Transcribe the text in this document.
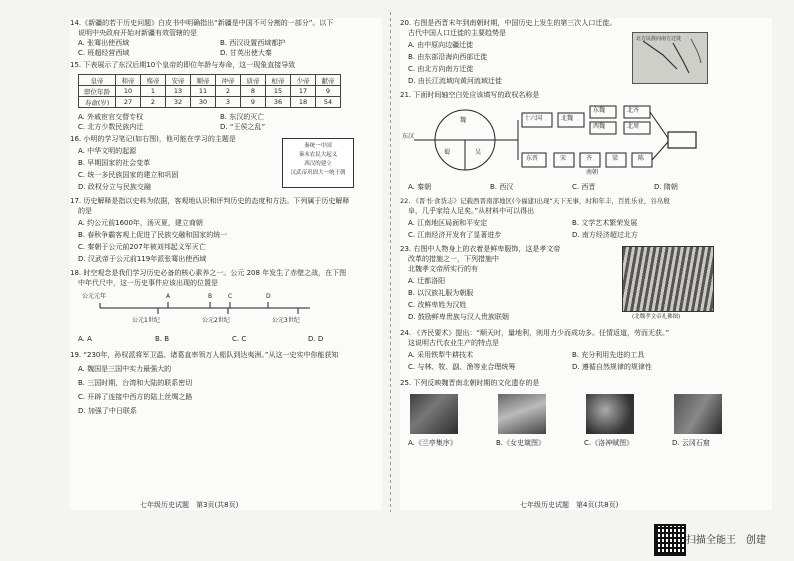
14.《新疆的若干历史问题》白皮书中明确指出“新疆是中国不可分割的一部分”。以下
说明中央政府开始对新疆有效管辖的是
A. 张骞出使西域	B. 西汉设置西域都护
C. 班超经营西域	D. 甘英出使大秦
15. 下表展示了东汉后期10个皇帝的即位年龄与寿命，这一现象直接导致
皇帝	和帝	殇帝	安帝	顺帝	冲帝	质帝	桓帝	少帝	献帝
即位年龄	10	1	13	11	2	8	15	17	9
寿命(岁)	27	2	32	30	3	9	36	18	54
A. 外戚宦官交替专权	B. 东汉的灭亡
C. 北方少数民族内迁	D. “王侯之乱”
16. 小明的学习笔记(如右图)，他可能在学习的主题是
秦统一中国
秦末农民大起义
西汉的建立
汉武帝巩固大一统王朝
A. 中华文明的起源
B. 早期国家的社会变革
C. 统一多民族国家的建立和巩固
D. 政权分立与民族交融
17. 历史解释是指以史料为依据，客观地认识和评判历史的态度和方法。下列属于历史解释
的是
A. 约公元前1600年，汤灭夏，建立商朝
B. 春秋争霸客观上促进了民族交融和国家的统一
C. 秦朝于公元前207年被刘邦起义军灭亡
D. 汉武帝于公元前119年派张骞出使西域
18. 时空观念是我们学习历史必备的核心素养之一。公元 208 年发生了赤壁之战，在下图
中年代尺中，这一历史事件应该出现的位置是
公元元年	A	B	C	D
公元1世纪	公元2世纪	公元3世纪
A. A	B. B	C. C	D. D
19. “230年，孙权派将军卫温、诸葛直率领万人船队到达夷洲。”从这一史实中你能获知
A. 魏国是三国中实力最强大的
B. 三国时期，台湾和大陆的联系密切
C. 开辟了连接中西方的陆上丝绸之路
D. 加强了中日联系
七年级历史试题　第3页(共8页)
20. 右图是西晋末年到南朝时期，中国历史上发生的第三次人口迁徙。
古代中国人口迁徙的主要趋势是
北方民族向南方迁徙
A. 由中原向边疆迁徙
B. 由东部沿海向西部迁徙
C. 由北方向南方迁徙
D. 由长江流域向黄河流域迁徙
21. 下面时间轴空白处应该填写的政权名称是
东汉
魏
蜀	吴
十六国	北魏
东魏	北齐
西魏	北周
东晋	宋	齐	梁	陈
南朝
A. 秦朝	B. 西汉	C. 西晋	D. 隋朝
22. 《晋书·食货志》记载西晋南部地区(今福建)出现“天下无事，时和年丰，百姓乐业，谷帛殷
阜，几乎家给人足矣。”从材料中可以得出
A. 江南地区局面和平安定	B. 文学艺术繁荣发展
C. 江南经济开发有了显著进步	D. 南方经济超过北方
23. 右图中人物身上的衣着是鲜卑服饰，这是孝文帝
改革的措施之一，下列措施中
北魏孝文帝所实行的有
(北魏孝文帝礼佛图)
A. 迁都洛阳
B. 以汉族礼服为朝服
C. 改鲜卑姓为汉姓
D. 鼓励鲜卑贵族与汉人贵族联姻
24. 《齐民要术》提出：“顺天时，量地利，则用力少而成功多。任情返道，劳而无获。”
这说明古代农业生产的特点是
A. 采用铁犁牛耕技术	B. 充分利用先进的工具
C. 与林、牧、副、渔等业合理统筹	D. 遵循自然规律的规律性
25. 下列反映魏晋南北朝时期的文化遗存的是
A.《兰亭集序》	B.《女史箴图》	C.《洛神赋图》	D. 云冈石窟
七年级历史试题　第4页(共8页)
扫描全能王　创建
